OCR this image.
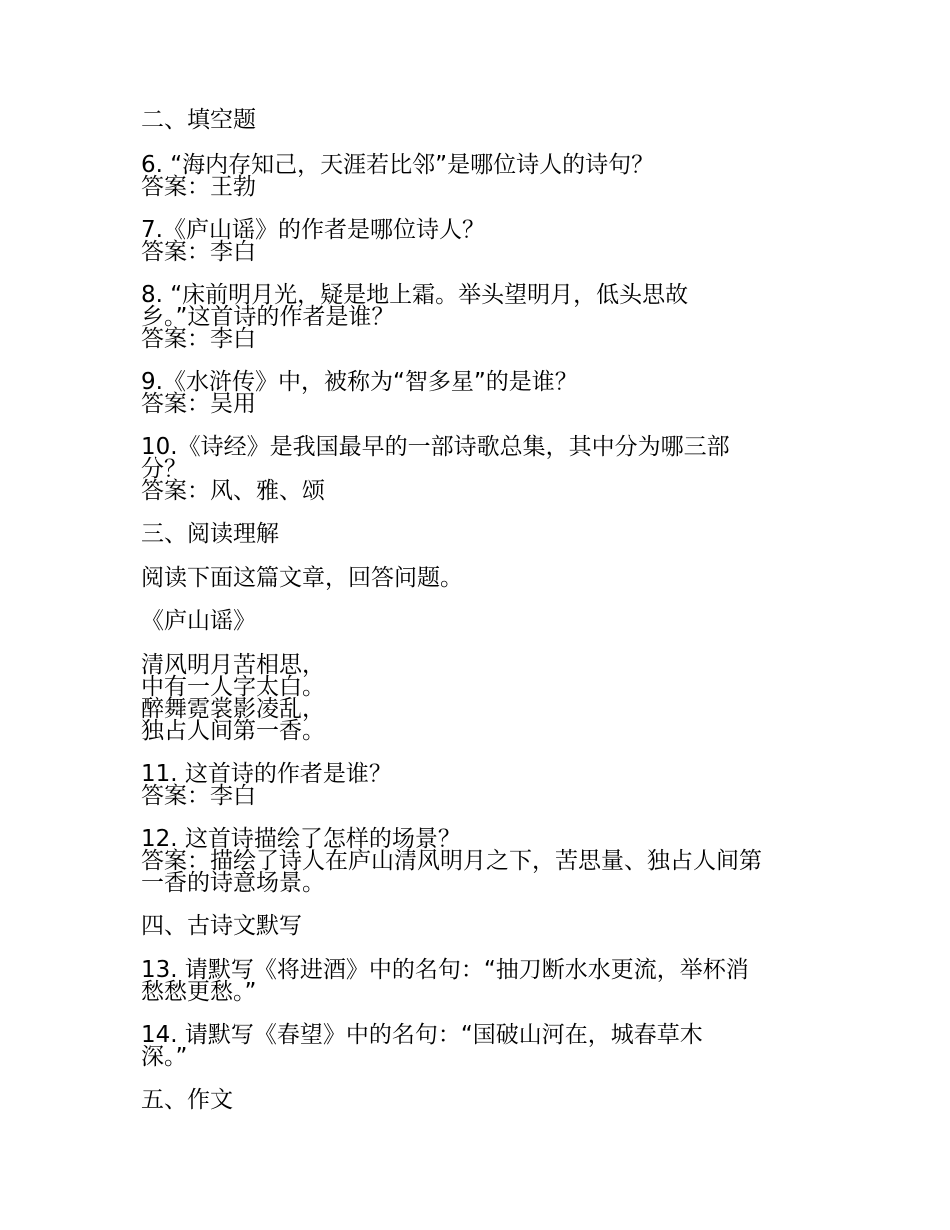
二、填空题
6. “海内存知己，天涯若比邻”是哪位诗人的诗句？
答案：王勃
7.《庐山谣》的作者是哪位诗人？
答案：李白
8. “床前明月光，疑是地上霜。举头望明月，低头思故
乡。”这首诗的作者是谁？
答案：李白
9.《水浒传》中，被称为“智多星”的是谁？
答案：吴用
10.《诗经》是我国最早的一部诗歌总集，其中分为哪三部
分？
答案：风、雅、颂
三、阅读理解
阅读下面这篇文章，回答问题。
《庐山谣》
清风明月苦相思，
中有一人字太白。
醉舞霓裳影凌乱，
独占人间第一香。
11. 这首诗的作者是谁？
答案：李白
12. 这首诗描绘了怎样的场景？
答案：描绘了诗人在庐山清风明月之下，苦思量、独占人间第
一香的诗意场景。
四、古诗文默写
13. 请默写《将进酒》中的名句：“抽刀断水水更流，举杯消
愁愁更愁。”
14. 请默写《春望》中的名句：“国破山河在，城春草木
深。”
五、作文
